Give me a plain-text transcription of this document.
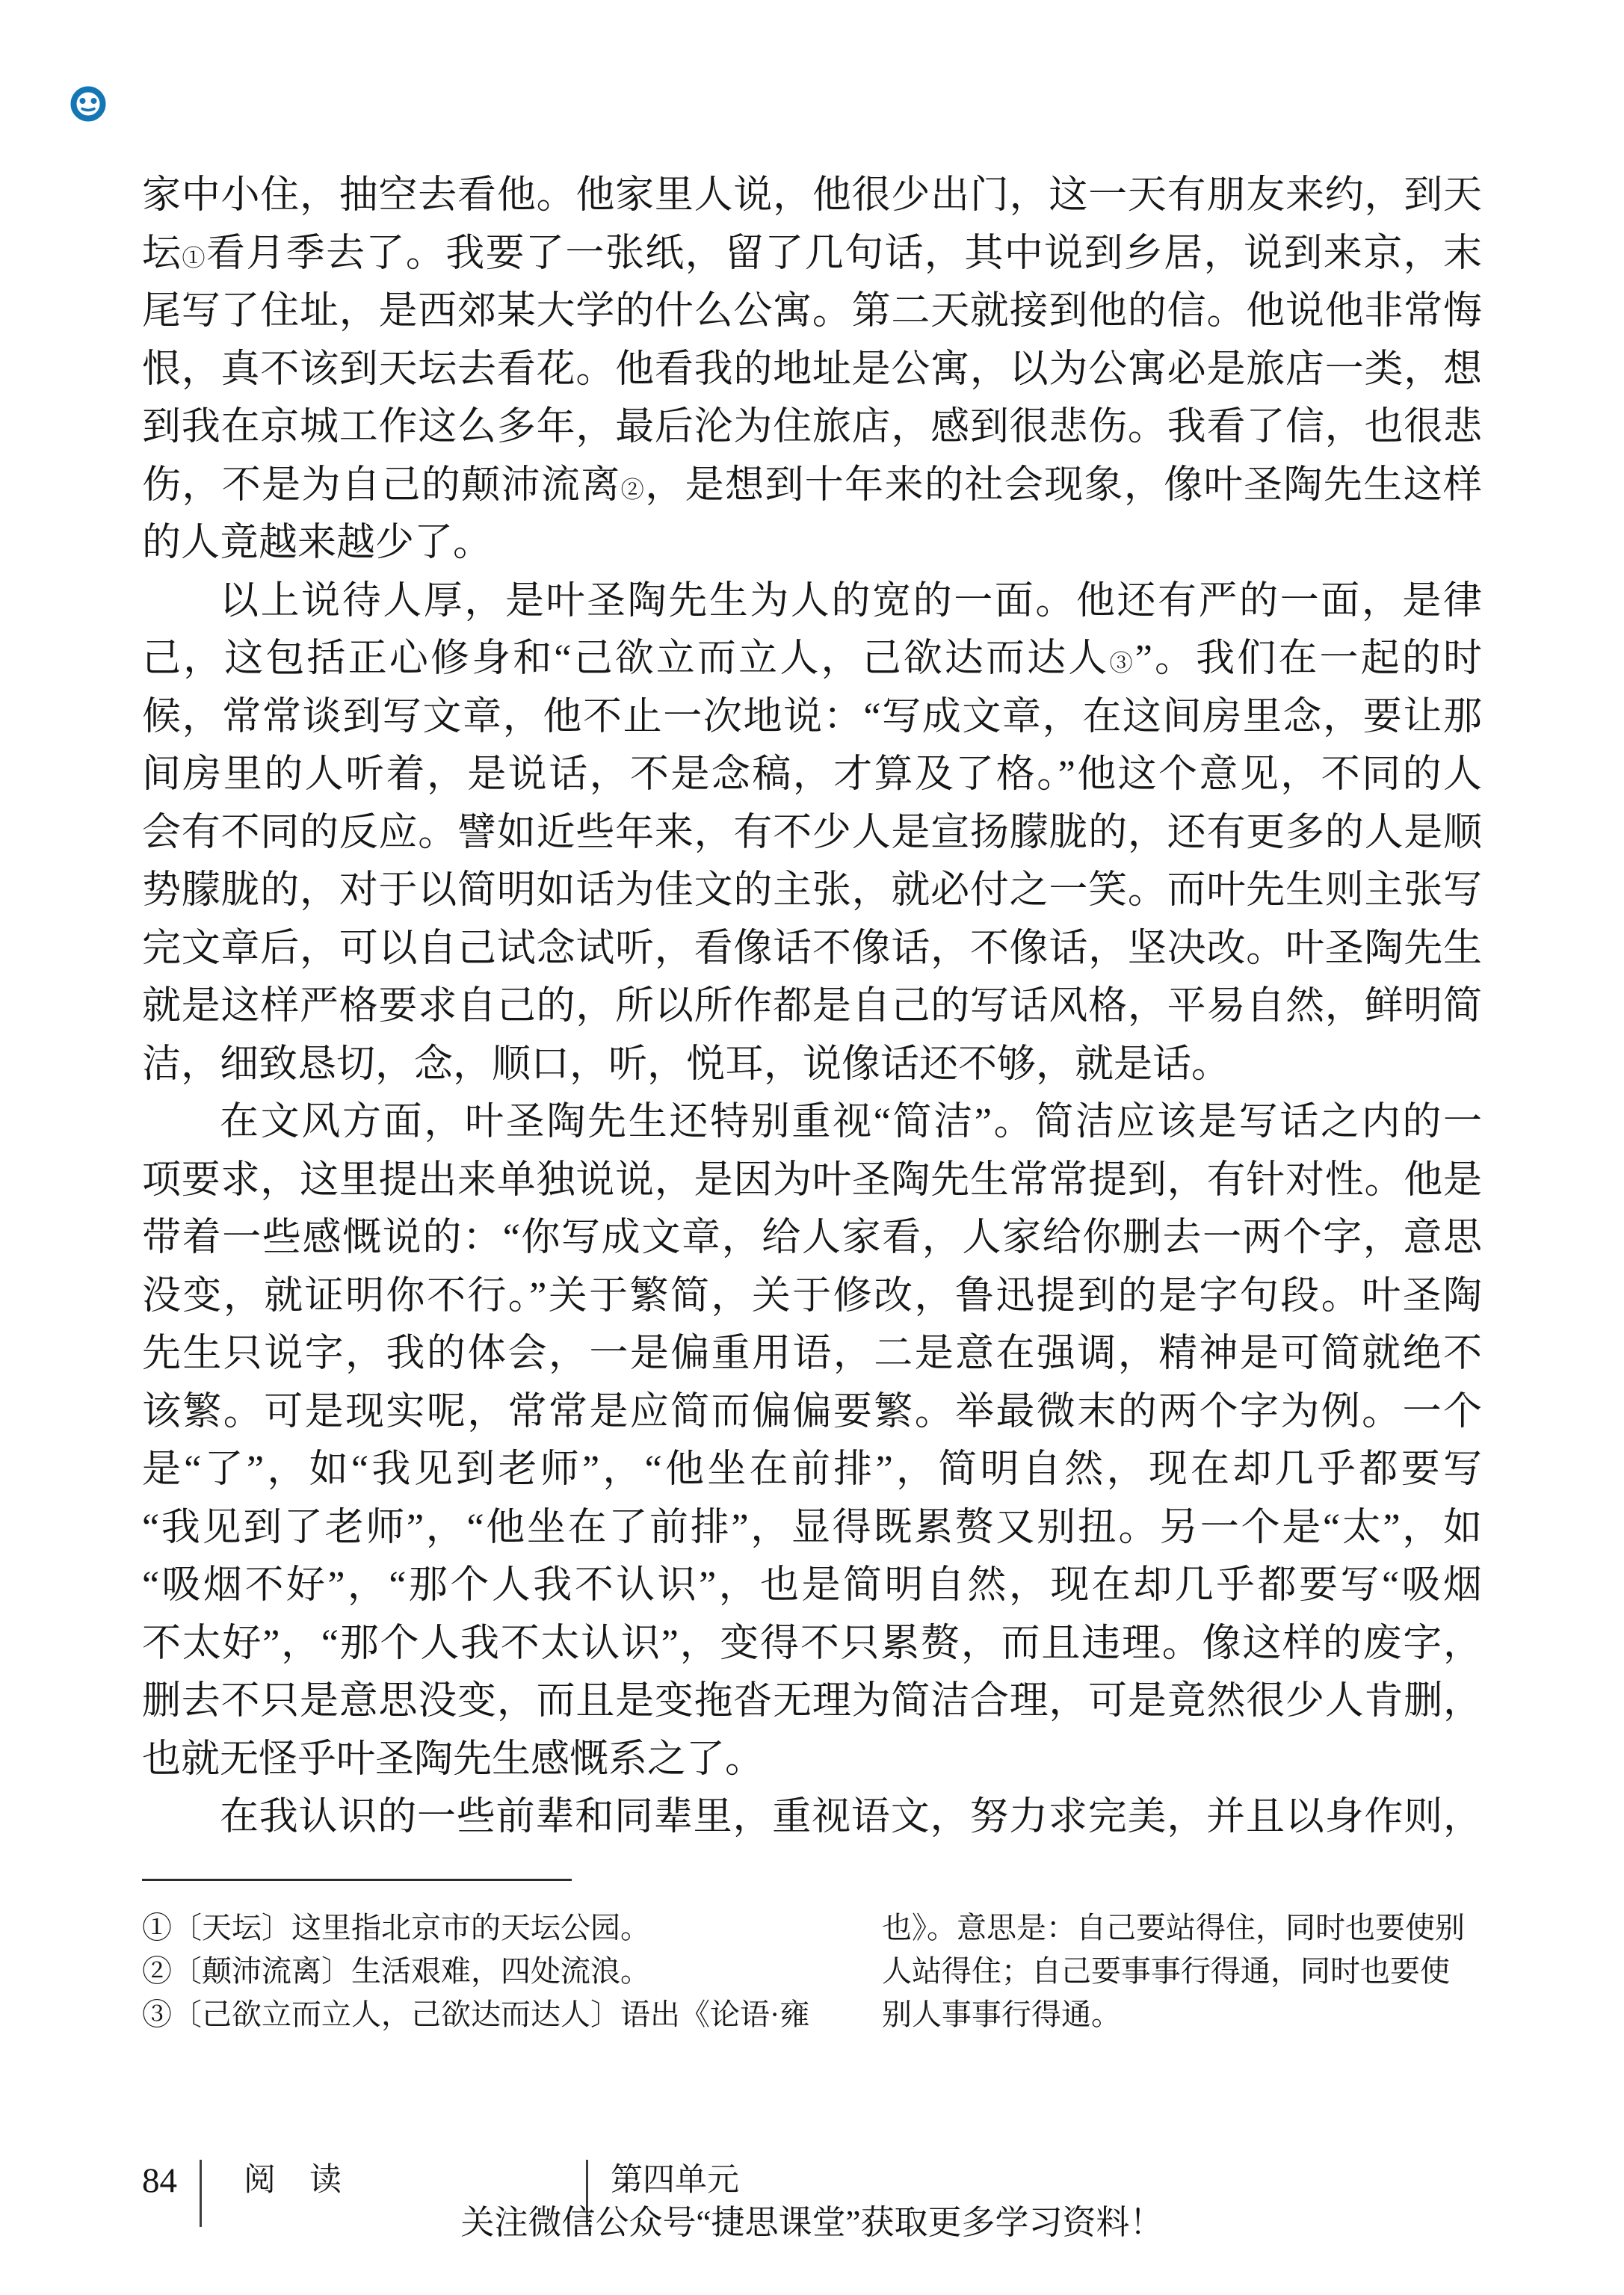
家中小住，抽空去看他。他家里人说，他很少出门，这一天有朋友来约，到天
坛①看月季去了。我要了一张纸，留了几句话，其中说到乡居，说到来京，末
尾写了住址，是西郊某大学的什么公寓。第二天就接到他的信。他说他非常悔
恨，真不该到天坛去看花。他看我的地址是公寓，以为公寓必是旅店一类，想
到我在京城工作这么多年，最后沦为住旅店，感到很悲伤。我看了信，也很悲
伤，不是为自己的颠沛流离②，是想到十年来的社会现象，像叶圣陶先生这样
的人竟越来越少了。
以上说待人厚，是叶圣陶先生为人的宽的一面。他还有严的一面，是律
己，这包括正心修身和“己欲立而立人，己欲达而达人③”。我们在一起的时
候，常常谈到写文章，他不止一次地说：“写成文章，在这间房里念，要让那
间房里的人听着，是说话，不是念稿，才算及了格。”他这个意见，不同的人
会有不同的反应。譬如近些年来，有不少人是宣扬朦胧的，还有更多的人是顺
势朦胧的，对于以简明如话为佳文的主张，就必付之一笑。而叶先生则主张写
完文章后，可以自己试念试听，看像话不像话，不像话，坚决改。叶圣陶先生
就是这样严格要求自己的，所以所作都是自己的写话风格，平易自然，鲜明简
洁，细致恳切，念，顺口，听，悦耳，说像话还不够，就是话。
在文风方面，叶圣陶先生还特别重视“简洁”。简洁应该是写话之内的一
项要求，这里提出来单独说说，是因为叶圣陶先生常常提到，有针对性。他是
带着一些感慨说的：“你写成文章，给人家看，人家给你删去一两个字，意思
没变，就证明你不行。”关于繁简，关于修改，鲁迅提到的是字句段。叶圣陶
先生只说字，我的体会，一是偏重用语，二是意在强调，精神是可简就绝不
该繁。可是现实呢，常常是应简而偏偏要繁。举最微末的两个字为例。一个
是“了”，如“我见到老师”，“他坐在前排”，简明自然，现在却几乎都要写
“我见到了老师”，“他坐在了前排”，显得既累赘又别扭。另一个是“太”，如
“吸烟不好”，“那个人我不认识”，也是简明自然，现在却几乎都要写“吸烟
不太好”，“那个人我不太认识”，变得不只累赘，而且违理。像这样的废字，
删去不只是意思没变，而且是变拖沓无理为简洁合理，可是竟然很少人肯删，
也就无怪乎叶圣陶先生感慨系之了。
在我认识的一些前辈和同辈里，重视语文，努力求完美，并且以身作则，
①〔天坛〕这里指北京市的天坛公园。
②〔颠沛流离〕生活艰难，四处流浪。
③〔己欲立而立人，己欲达而达人〕语出《论语·雍
也》。意思是：自己要站得住，同时也要使别
人站得住；自己要事事行得通，同时也要使
别人事事行得通。
84 阅读	第四单元
关注微信公众号“捷思课堂”获取更多学习资料！
